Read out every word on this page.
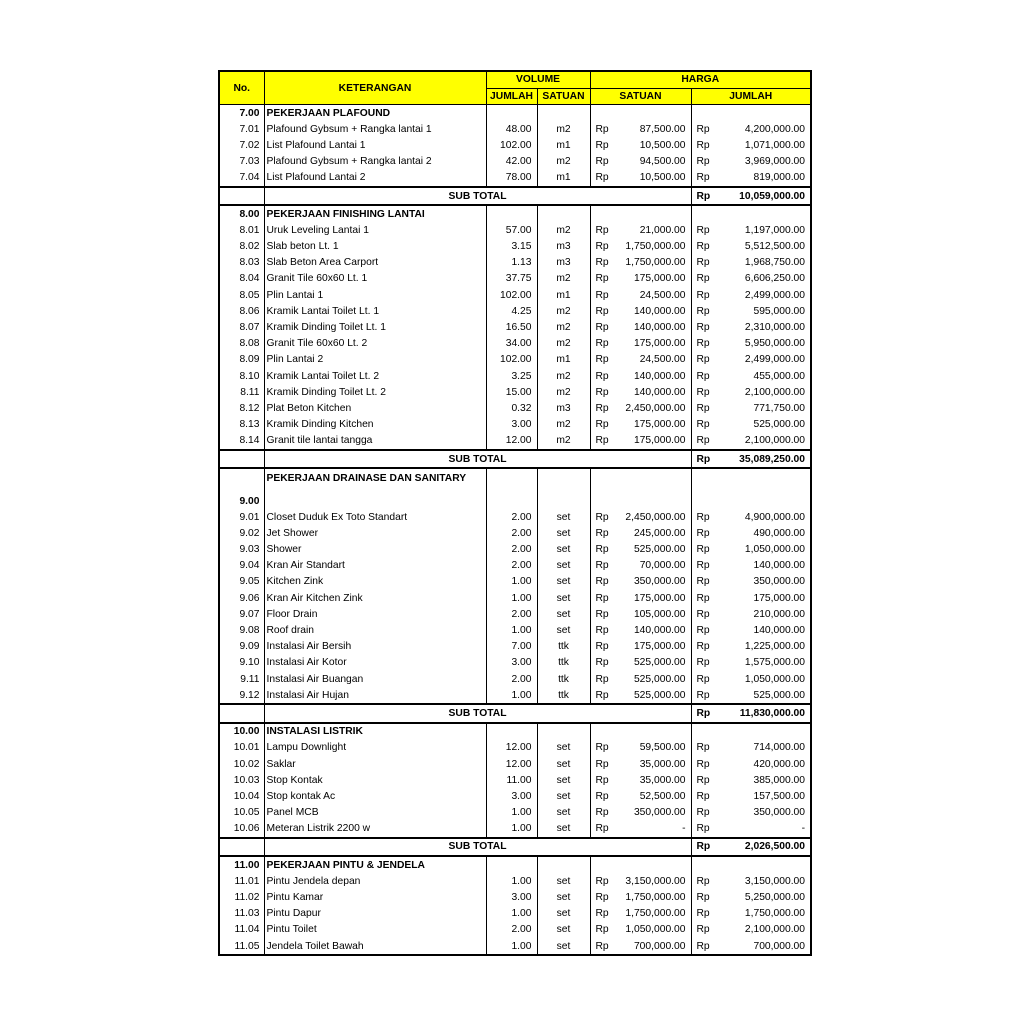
No.	KETERANGAN	VOLUME		HARGA			
		JUMLAH	SATUAN	SATUAN		JUMLAH	
7.00	PEKERJAAN PLAFOUND						
7.01	Plafound Gybsum + Rangka lantai 1	48.00	m2	Rp	87,500.00	Rp	4,200,000.00
7.02	List Plafound Lantai 1	102.00	m1	Rp	10,500.00	Rp	1,071,000.00
7.03	Plafound Gybsum + Rangka lantai 2	42.00	m2	Rp	94,500.00	Rp	3,969,000.00
7.04	List Plafound Lantai 2	78.00	m1	Rp	10,500.00	Rp	819,000.00
	SUB TOTAL					Rp	10,059,000.00
8.00	PEKERJAAN FINISHING LANTAI						
8.01	Uruk Leveling Lantai 1	57.00	m2	Rp	21,000.00	Rp	1,197,000.00
8.02	Slab beton Lt. 1	3.15	m3	Rp	1,750,000.00	Rp	5,512,500.00
8.03	Slab Beton Area Carport	1.13	m3	Rp	1,750,000.00	Rp	1,968,750.00
8.04	Granit Tile 60x60 Lt. 1	37.75	m2	Rp	175,000.00	Rp	6,606,250.00
8.05	Plin Lantai 1	102.00	m1	Rp	24,500.00	Rp	2,499,000.00
8.06	Kramik Lantai Toilet Lt. 1	4.25	m2	Rp	140,000.00	Rp	595,000.00
8.07	Kramik Dinding Toilet Lt. 1	16.50	m2	Rp	140,000.00	Rp	2,310,000.00
8.08	Granit Tile 60x60 Lt. 2	34.00	m2	Rp	175,000.00	Rp	5,950,000.00
8.09	Plin Lantai 2	102.00	m1	Rp	24,500.00	Rp	2,499,000.00
8.10	Kramik Lantai Toilet Lt. 2	3.25	m2	Rp	140,000.00	Rp	455,000.00
8.11	Kramik Dinding Toilet Lt. 2	15.00	m2	Rp	140,000.00	Rp	2,100,000.00
8.12	Plat Beton Kitchen	0.32	m3	Rp	2,450,000.00	Rp	771,750.00
8.13	Kramik Dinding Kitchen	3.00	m2	Rp	175,000.00	Rp	525,000.00
8.14	Granit tile lantai tangga	12.00	m2	Rp	175,000.00	Rp	2,100,000.00
	SUB TOTAL					Rp	35,089,250.00
9.00	PEKERJAAN DRAINASE DAN SANITARY						
9.01	Closet Duduk Ex Toto Standart	2.00	set	Rp	2,450,000.00	Rp	4,900,000.00
9.02	Jet Shower	2.00	set	Rp	245,000.00	Rp	490,000.00
9.03	Shower	2.00	set	Rp	525,000.00	Rp	1,050,000.00
9.04	Kran Air Standart	2.00	set	Rp	70,000.00	Rp	140,000.00
9.05	Kitchen Zink	1.00	set	Rp	350,000.00	Rp	350,000.00
9.06	Kran Air Kitchen Zink	1.00	set	Rp	175,000.00	Rp	175,000.00
9.07	Floor Drain	2.00	set	Rp	105,000.00	Rp	210,000.00
9.08	Roof drain	1.00	set	Rp	140,000.00	Rp	140,000.00
9.09	Instalasi Air Bersih	7.00	ttk	Rp	175,000.00	Rp	1,225,000.00
9.10	Instalasi Air Kotor	3.00	ttk	Rp	525,000.00	Rp	1,575,000.00
9.11	Instalasi Air Buangan	2.00	ttk	Rp	525,000.00	Rp	1,050,000.00
9.12	Instalasi Air Hujan	1.00	ttk	Rp	525,000.00	Rp	525,000.00
	SUB TOTAL					Rp	11,830,000.00
10.00	INSTALASI LISTRIK						
10.01	Lampu Downlight	12.00	set	Rp	59,500.00	Rp	714,000.00
10.02	Saklar	12.00	set	Rp	35,000.00	Rp	420,000.00
10.03	Stop Kontak	11.00	set	Rp	35,000.00	Rp	385,000.00
10.04	Stop kontak Ac	3.00	set	Rp	52,500.00	Rp	157,500.00
10.05	Panel MCB	1.00	set	Rp	350,000.00	Rp	350,000.00
10.06	Meteran Listrik 2200 w	1.00	set	Rp	-	Rp	-
	SUB TOTAL					Rp	2,026,500.00
11.00	PEKERJAAN PINTU & JENDELA						
11.01	Pintu Jendela depan	1.00	set	Rp	3,150,000.00	Rp	3,150,000.00
11.02	Pintu Kamar	3.00	set	Rp	1,750,000.00	Rp	5,250,000.00
11.03	Pintu Dapur	1.00	set	Rp	1,750,000.00	Rp	1,750,000.00
11.04	Pintu Toilet	2.00	set	Rp	1,050,000.00	Rp	2,100,000.00
11.05	Jendela Toilet Bawah	1.00	set	Rp	700,000.00	Rp	700,000.00
